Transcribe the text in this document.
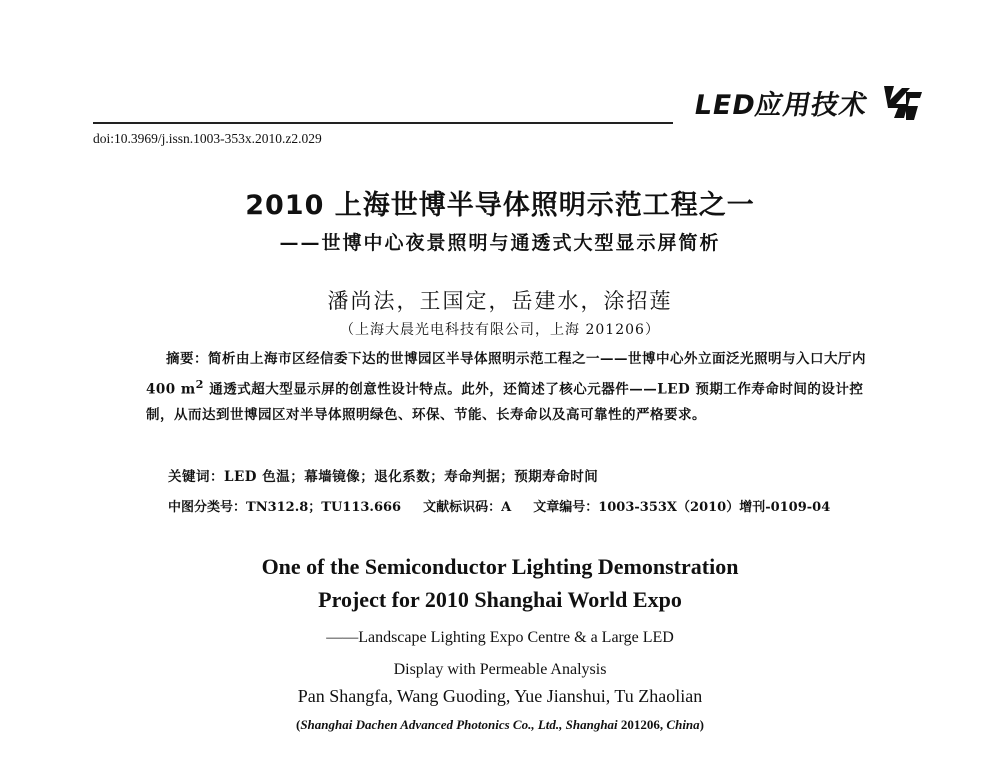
LED应用技术
doi:10.3969/j.issn.1003-353x.2010.z2.029
2010 上海世博半导体照明示范工程之一
——世博中心夜景照明与通透式大型显示屏简析
潘尚法，王国定，岳建水，涂招莲
（上海大晨光电科技有限公司，上海 201206）
摘要：简析由上海市区经信委下达的世博园区半导体照明示范工程之一——世博中心外立面泛光照明与入口大厅内 400 $m^2$ 通透式超大型显示屏的创意性设计特点。此外，还简述了核心元器件——LED 预期工作寿命时间的设计控制，从而达到世博园区对半导体照明绿色、环保、节能、长寿命以及高可靠性的严格要求。
关键词：LED 色温；幕墙镜像；退化系数；寿命判据；预期寿命时间
中图分类号：TN312.8；TU113.666 文献标识码：A 文章编号：1003-353X（2010）增刊-0109-04
One of the Semiconductor Lighting Demonstration
Project for 2010 Shanghai World Expo
——Landscape Lighting Expo Centre & a Large LED
Display with Permeable Analysis
Pan Shangfa, Wang Guoding, Yue Jianshui, Tu Zhaolian
(Shanghai Dachen Advanced Photonics Co., Ltd., Shanghai 201206, China)
